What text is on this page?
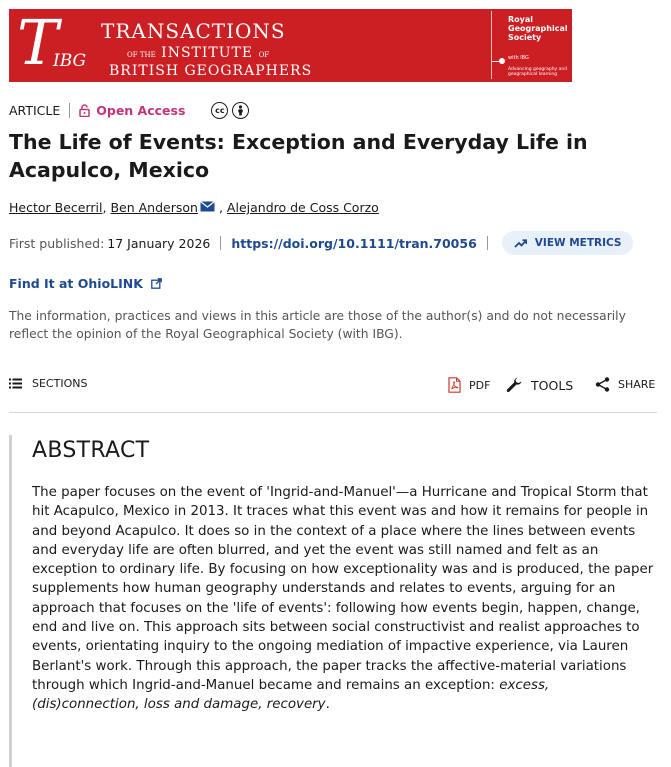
T
IBG
TRANSACTIONS
OF THE INSTITUTE OF
BRITISH GEOGRAPHERS
Royal
Geographical
Society
with IBG
Advancing geography and geographical learning
ARTICLE	Open Access	cc
The Life of Events: Exception and Everyday Life in Acapulco, Mexico
Hector Becerril , Ben Anderson , Alejandro de Coss Corzo
First published: 17 January 2026 https://doi.org/10.1111/tran.70056	VIEW METRICS
Find It at OhioLINK

The information, practices and views in this article are those of the author(s) and do not necessarily reflect the opinion of the Royal Geographical Society (with IBG).

SECTIONS	PDF	TOOLS	SHARE
ABSTRACT

The paper focuses on the event of 'Ingrid-and-Manuel'—a Hurricane and Tropical Storm that hit Acapulco, Mexico in 2013. It traces what this event was and how it remains for people in and beyond Acapulco. It does so in the context of a place where the lines between events and everyday life are often blurred, and yet the event was still named and felt as an exception to ordinary life. By focusing on how exceptionality was and is produced, the paper supplements how human geography understands and relates to events, arguing for an approach that focuses on the 'life of events': following how events begin, happen, change, end and live on. This approach sits between social constructivist and realist approaches to events, orientating inquiry to the ongoing mediation of impactive experience, via Lauren Berlant's work. Through this approach, the paper tracks the affective-material variations through which Ingrid-and-Manuel became and remains an exception: excess, (dis)connection, loss and damage, recovery.
